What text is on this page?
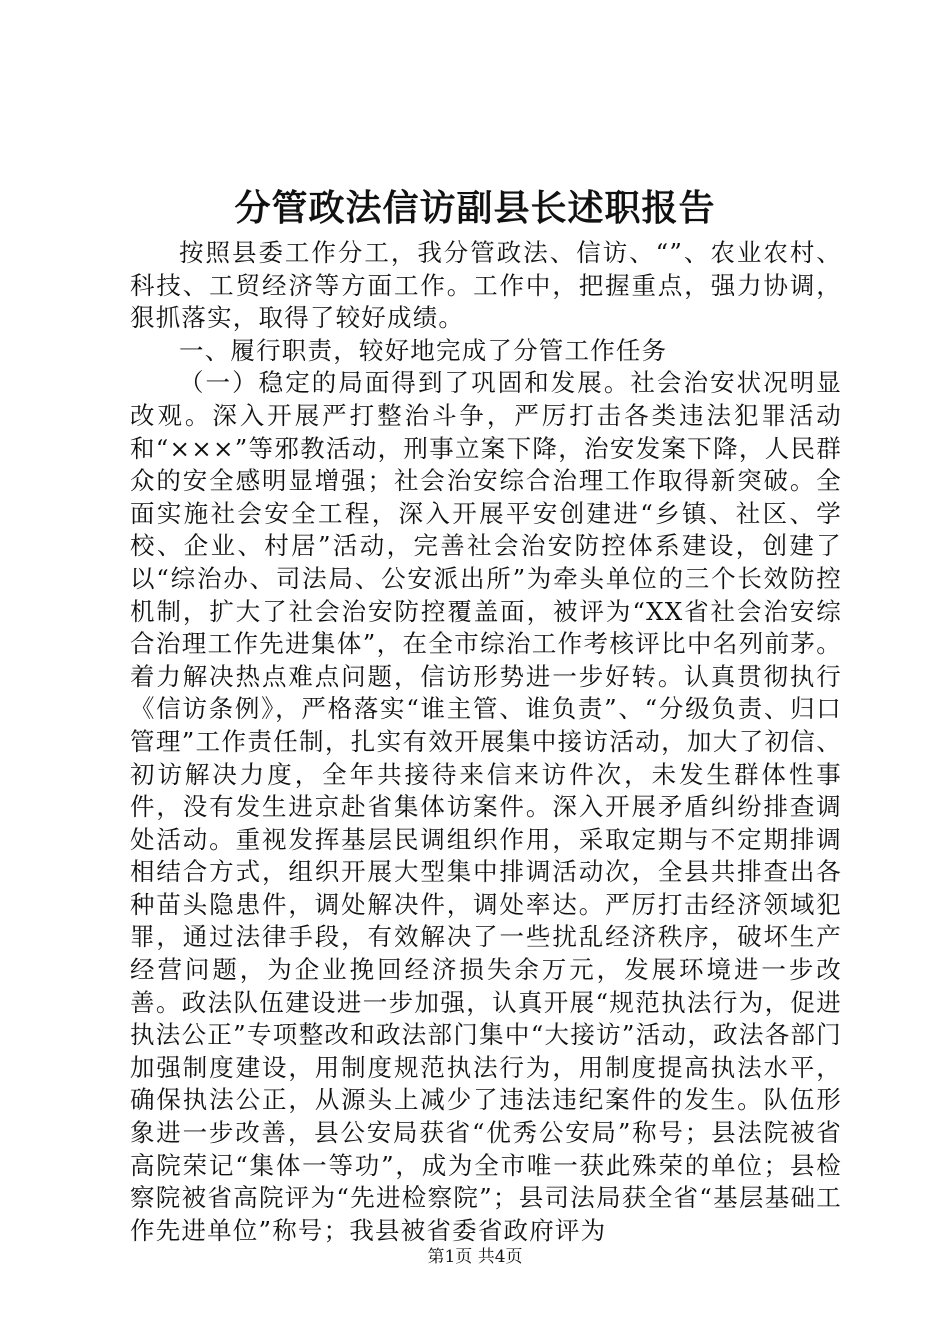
分管政法信访副县长述职报告

按照县委工作分工，我分管政法、信访、“”、农业农村、科技、工贸经济等方面工作。工作中，把握重点，强力协调，狠抓落实，取得了较好成绩。

一、履行职责，较好地完成了分管工作任务

（一）稳定的局面得到了巩固和发展。社会治安状况明显改观。深入开展严打整治斗争，严厉打击各类违法犯罪活动和“×××”等邪教活动，刑事立案下降，治安发案下降，人民群众的安全感明显增强；社会治安综合治理工作取得新突破。全面实施社会安全工程，深入开展平安创建进“乡镇、社区、学校、企业、村居”活动，完善社会治安防控体系建设，创建了以“综治办、司法局、公安派出所”为牵头单位的三个长效防控机制，扩大了社会治安防控覆盖面，被评为“XX省社会治安综合治理工作先进集体”，在全市综治工作考核评比中名列前茅。着力解决热点难点问题，信访形势进一步好转。认真贯彻执行《信访条例》，严格落实“谁主管、谁负责”、“分级负责、归口管理”工作责任制，扎实有效开展集中接访活动，加大了初信、初访解决力度，全年共接待来信来访件次，未发生群体性事件，没有发生进京赴省集体访案件。深入开展矛盾纠纷排查调处活动。重视发挥基层民调组织作用，采取定期与不定期排调相结合方式，组织开展大型集中排调活动次，全县共排查出各种苗头隐患件，调处解决件，调处率达。严厉打击经济领域犯罪，通过法律手段，有效解决了一些扰乱经济秩序，破坏生产经营问题，为企业挽回经济损失余万元，发展环境进一步改善。政法队伍建设进一步加强，认真开展“规范执法行为，促进执法公正”专项整改和政法部门集中“大接访”活动，政法各部门加强制度建设，用制度规范执法行为，用制度提高执法水平，确保执法公正，从源头上减少了违法违纪案件的发生。队伍形象进一步改善，县公安局获省“优秀公安局”称号；县法院被省高院荣记“集体一等功”，成为全市唯一获此殊荣的单位；县检察院被省高院评为“先进检察院”；县司法局获全省“基层基础工作先进单位”称号；我县被省委省政府评为

第1页 共4页
